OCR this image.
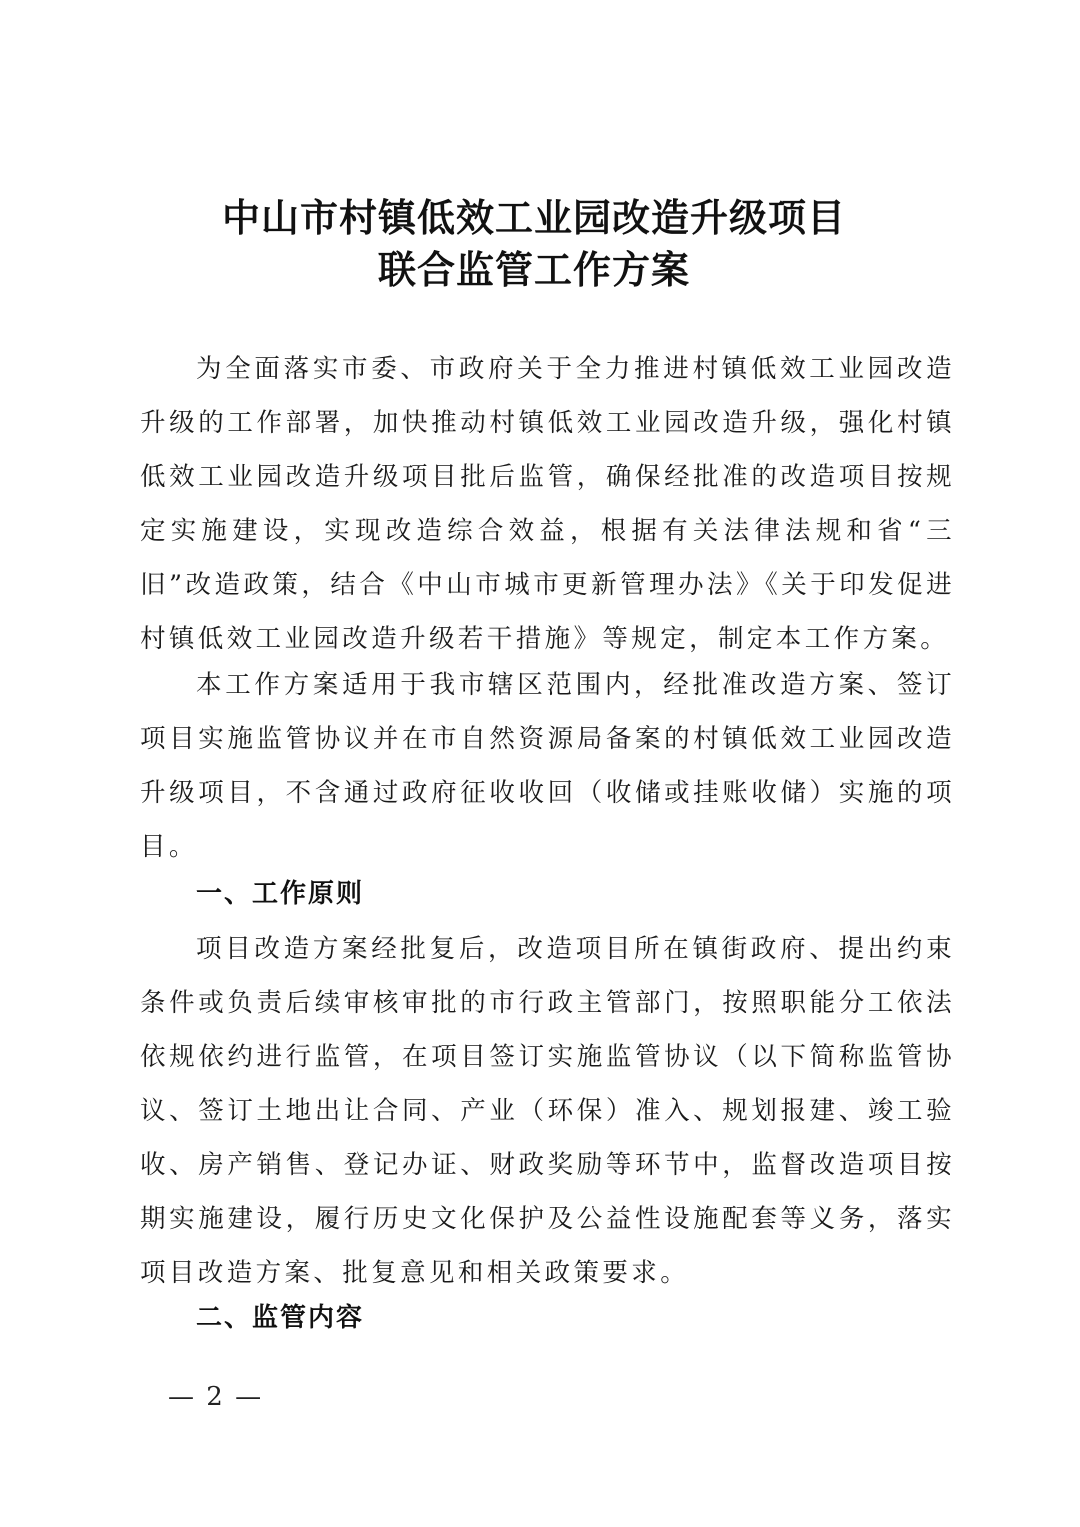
中山市村镇低效工业园改造升级项目
联合监管工作方案
为全面落实市委、市政府关于全力推进村镇低效工业园改造升级的工作部署，加快推动村镇低效工业园改造升级，强化村镇低效工业园改造升级项目批后监管，确保经批准的改造项目按规定实施建设，实现改造综合效益，根据有关法律法规和省“三旧”改造政策，结合《中山市城市更新管理办法》《关于印发促进村镇低效工业园改造升级若干措施》等规定，制定本工作方案。
本工作方案适用于我市辖区范围内，经批准改造方案、签订项目实施监管协议并在市自然资源局备案的村镇低效工业园改造升级项目，不含通过政府征收收回（收储或挂账收储）实施的项目。
一、工作原则
项目改造方案经批复后，改造项目所在镇街政府、提出约束条件或负责后续审核审批的市行政主管部门，按照职能分工依法依规依约进行监管，在项目签订实施监管协议（以下简称监管协议、签订土地出让合同、产业（环保）准入、规划报建、竣工验收、房产销售、登记办证、财政奖励等环节中，监督改造项目按期实施建设，履行历史文化保护及公益性设施配套等义务，落实项目改造方案、批复意见和相关政策要求。
二、监管内容
— 2 —
